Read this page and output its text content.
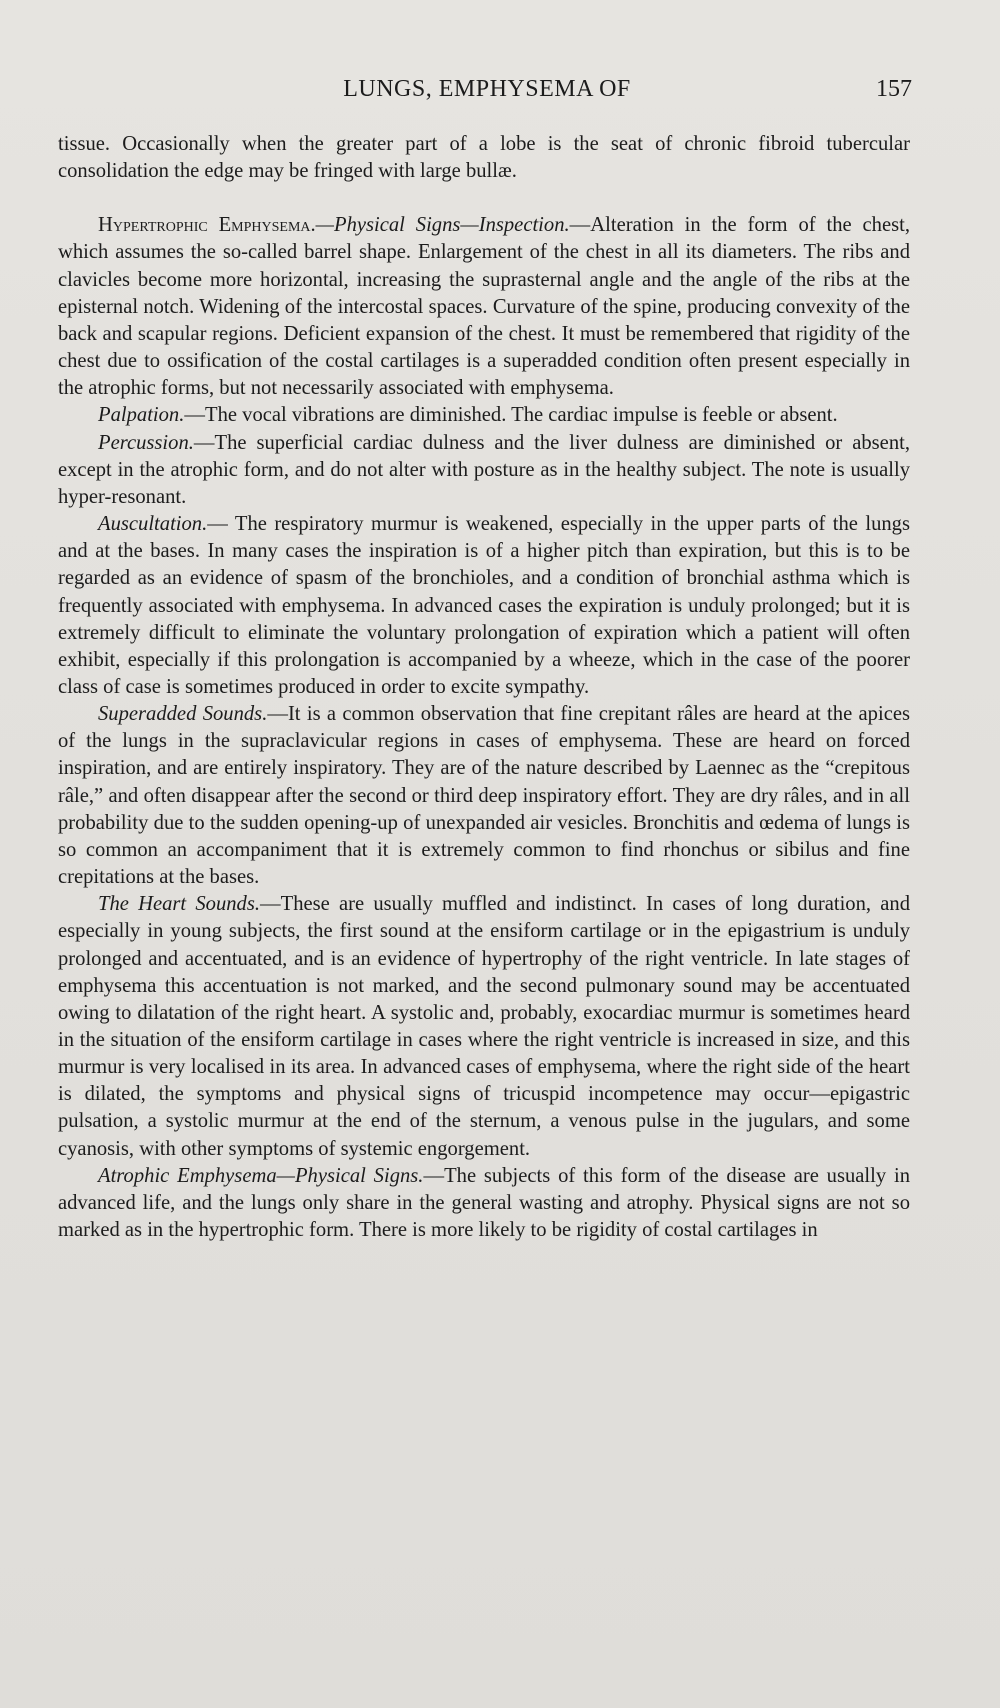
LUNGS, EMPHYSEMA OF	157

tissue. Occasionally when the greater part of a lobe is the seat of chronic fibroid tubercular consolidation the edge may be fringed with large bullæ.

Hypertrophic Emphysema.—Physical Signs—Inspection.—Alteration in the form of the chest, which assumes the so-called barrel shape. Enlargement of the chest in all its diameters. The ribs and clavicles become more horizontal, increasing the suprasternal angle and the angle of the ribs at the episternal notch. Widening of the intercostal spaces. Curvature of the spine, producing convexity of the back and scapular regions. Deficient expansion of the chest. It must be remembered that rigidity of the chest due to ossification of the costal cartilages is a superadded condition often present especially in the atrophic forms, but not necessarily associated with emphysema.

Palpation.—The vocal vibrations are diminished. The cardiac impulse is feeble or absent.

Percussion.—The superficial cardiac dulness and the liver dulness are diminished or absent, except in the atrophic form, and do not alter with posture as in the healthy subject. The note is usually hyper-resonant.

Auscultation.— The respiratory murmur is weakened, especially in the upper parts of the lungs and at the bases. In many cases the inspiration is of a higher pitch than expiration, but this is to be regarded as an evidence of spasm of the bronchioles, and a condition of bronchial asthma which is frequently associated with emphysema. In advanced cases the expiration is unduly prolonged; but it is extremely difficult to eliminate the voluntary prolongation of expiration which a patient will often exhibit, especially if this prolongation is accompanied by a wheeze, which in the case of the poorer class of case is sometimes produced in order to excite sympathy.

Superadded Sounds.—It is a common observation that fine crepitant râles are heard at the apices of the lungs in the supraclavicular regions in cases of emphysema. These are heard on forced inspiration, and are entirely inspiratory. They are of the nature described by Laennec as the “crepitous râle,” and often disappear after the second or third deep inspiratory effort. They are dry râles, and in all probability due to the sudden opening-up of unexpanded air vesicles. Bronchitis and œdema of lungs is so common an accompaniment that it is extremely common to find rhonchus or sibilus and fine crepitations at the bases.

The Heart Sounds.—These are usually muffled and indistinct. In cases of long duration, and especially in young subjects, the first sound at the ensiform cartilage or in the epigastrium is unduly prolonged and accentuated, and is an evidence of hypertrophy of the right ventricle. In late stages of emphysema this accentuation is not marked, and the second pulmonary sound may be accentuated owing to dilatation of the right heart. A systolic and, probably, exocardiac murmur is sometimes heard in the situation of the ensiform cartilage in cases where the right ventricle is increased in size, and this murmur is very localised in its area. In advanced cases of emphysema, where the right side of the heart is dilated, the symptoms and physical signs of tricuspid incompetence may occur—epigastric pulsation, a systolic murmur at the end of the sternum, a venous pulse in the jugulars, and some cyanosis, with other symptoms of systemic engorgement.

Atrophic Emphysema—Physical Signs.—The subjects of this form of the disease are usually in advanced life, and the lungs only share in the general wasting and atrophy. Physical signs are not so marked as in the hypertrophic form. There is more likely to be rigidity of costal cartilages in
